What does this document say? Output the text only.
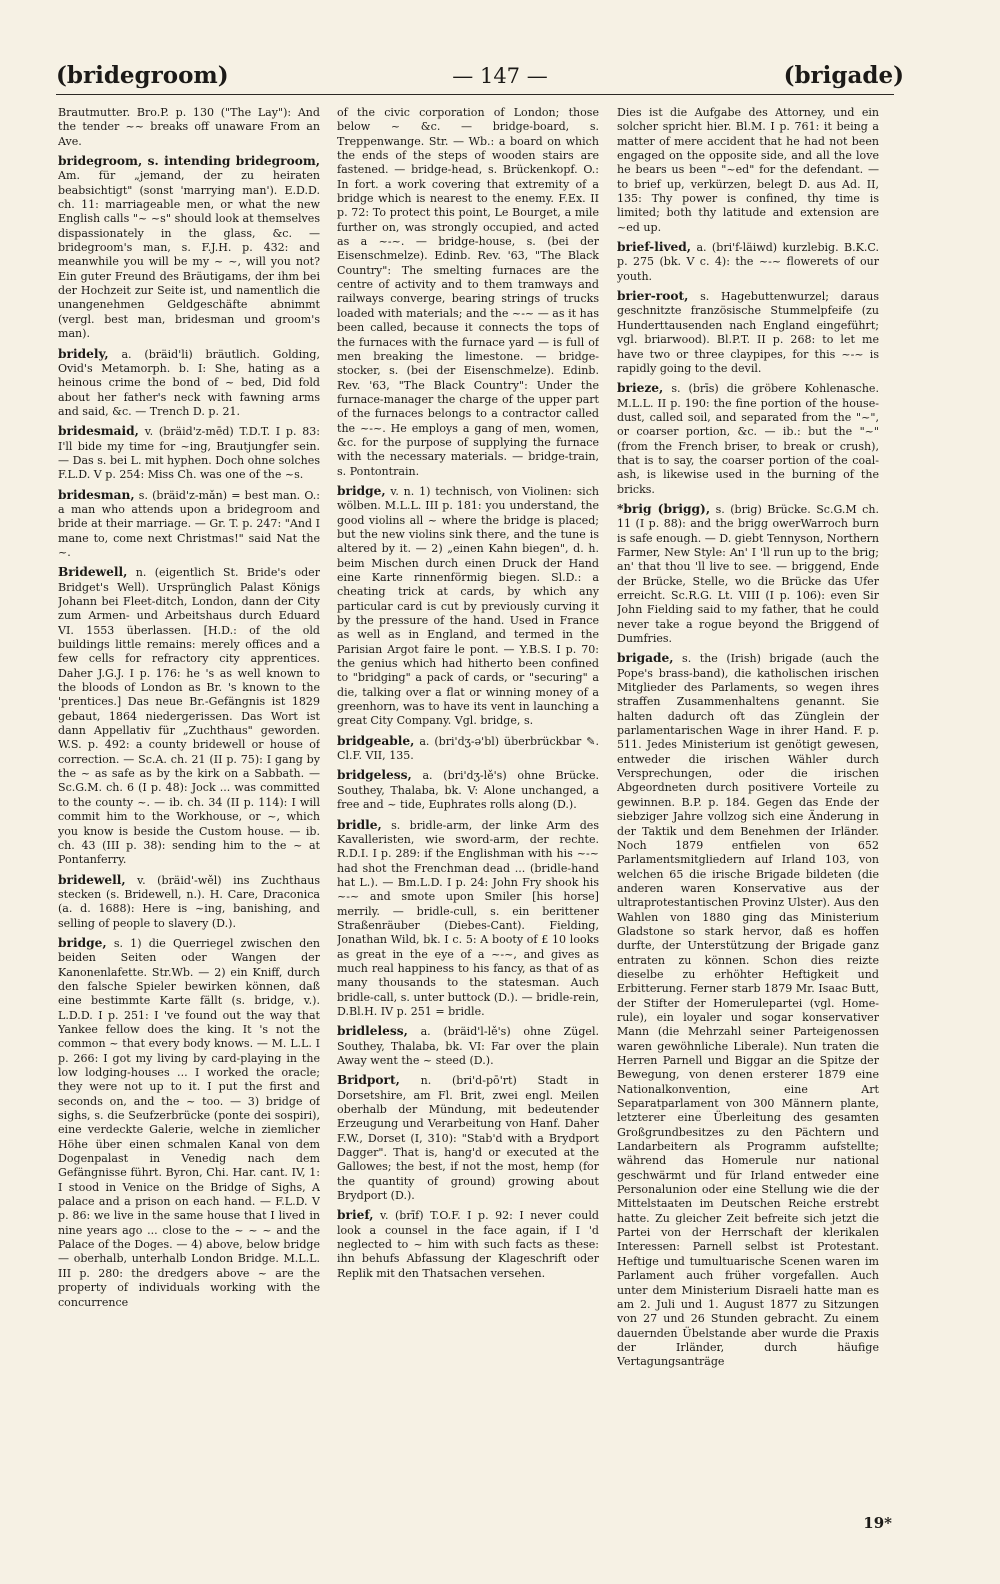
(bridegroom)	— 147 —	(brigade)

Brautmutter. Bro.P. p. 130 ("The Lay"): And the tender ~~ breaks off unaware From an Ave.

bridegroom, s. intending bridegroom, Am. für „jemand, der zu heiraten beabsichtigt" (sonst 'marrying man'). E.D.D. ch. 11: marriageable men, or what the new English calls "~ ~s" should look at themselves dispassionately in the glass, &c. — bridegroom's man, s. F.J.H. p. 432: and meanwhile you will be my ~ ~, will you not? Ein guter Freund des Bräutigams, der ihm bei der Hochzeit zur Seite ist, und namentlich die unangenehmen Geldgeschäfte abnimmt (vergl. best man, bridesman und groom's man).

bridely, a. (bräid'li) bräutlich. Golding, Ovid's Metamorph. b. I: She, hating as a heinous crime the bond of ~ bed, Did fold about her father's neck with fawning arms and said, &c. — Trench D. p. 21.

bridesmaid, v. (bräid'z-mēd) T.D.T. I p. 83: I'll bide my time for ~ing, Brautjungfer sein. — Das s. bei L. mit hyphen. Doch ohne solches F.L.D. V p. 254: Miss Ch. was one of the ~s.

bridesman, s. (bräid'z-mǎn) = best man. O.: a man who attends upon a bridegroom and bride at their marriage. — Gr. T. p. 247: "And I mane to, come next Christmas!" said Nat the ~.

Bridewell, n. (eigentlich St. Bride's oder Bridget's Well). Ursprünglich Palast Königs Johann bei Fleet-ditch, London, dann der City zum Armen- und Arbeitshaus durch Eduard VI. 1553 überlassen. [H.D.: of the old buildings little remains: merely offices and a few cells for refractory city apprentices. Daher J.G.J. I p. 176: he 's as well known to the bloods of London as Br. 's known to the 'prentices.] Das neue Br.-Gefängnis ist 1829 gebaut, 1864 niedergerissen. Das Wort ist dann Appellativ für „Zuchthaus" geworden. W.S. p. 492: a county bridewell or house of correction. — Sc.A. ch. 21 (II p. 75): I gang by the ~ as safe as by the kirk on a Sabbath. — Sc.G.M. ch. 6 (I p. 48): Jock ... was committed to the county ~. — ib. ch. 34 (II p. 114): I will commit him to the Workhouse, or ~, which you know is beside the Custom house. — ib. ch. 43 (III p. 38): sending him to the ~ at Pontanferry.

bridewell, v. (bräid'-wěl) ins Zuchthaus stecken (s. Bridewell, n.). H. Care, Draconica (a. d. 1688): Here is ~ing, banishing, and selling of people to slavery (D.).

bridge, s. 1) die Querriegel zwischen den beiden Seiten oder Wangen der Kanonenlafette. Str.Wb. — 2) ein Kniff, durch den falsche Spieler bewirken können, daß eine bestimmte Karte fällt (s. bridge, v.). L.D.D. I p. 251: I 've found out the way that Yankee fellow does the king. It 's not the common ~ that every body knows. — M. L.L. I p. 266: I got my living by card-playing in the low lodging-houses ... I worked the oracle; they were not up to it. I put the first and seconds on, and the ~ too. — 3) bridge of sighs, s. die Seufzerbrücke (ponte dei sospiri), eine verdeckte Galerie, welche in ziemlicher Höhe über einen schmalen Kanal von dem Dogenpalast in Venedig nach dem Gefängnisse führt. Byron, Chi. Har. cant. IV, 1: I stood in Venice on the Bridge of Sighs, A palace and a prison on each hand. — F.L.D. V p. 86: we live in the same house that I lived in nine years ago ... close to the ~ ~ ~ and the Palace of the Doges. — 4) above, below bridge — oberhalb, unterhalb London Bridge. M.L.L. III p. 280: the dredgers above ~ are the property of individuals working with the concurrence

of the civic corporation of London; those below ~ &c. — bridge-board, s. Treppenwange. Str. — Wb.: a board on which the ends of the steps of wooden stairs are fastened. — bridge-head, s. Brückenkopf. O.: In fort. a work covering that extremity of a bridge which is nearest to the enemy. F.Ex. II p. 72: To protect this point, Le Bourget, a mile further on, was strongly occupied, and acted as a ~-~. — bridge-house, s. (bei der Eisenschmelze). Edinb. Rev. '63, "The Black Country": The smelting furnaces are the centre of activity and to them tramways and railways converge, bearing strings of trucks loaded with materials; and the ~-~ — as it has been called, because it connects the tops of the furnaces with the furnace yard — is full of men breaking the limestone. — bridge-stocker, s. (bei der Eisenschmelze). Edinb. Rev. '63, "The Black Country": Under the furnace-manager the charge of the upper part of the furnaces belongs to a contractor called the ~-~. He employs a gang of men, women, &c. for the purpose of supplying the furnace with the necessary materials. — bridge-train, s. Pontontrain.

bridge, v. n. 1) technisch, von Violinen: sich wölben. M.L.L. III p. 181: you understand, the good violins all ~ where the bridge is placed; but the new violins sink there, and the tune is altered by it. — 2) „einen Kahn biegen", d. h. beim Mischen durch einen Druck der Hand eine Karte rinnenförmig biegen. Sl.D.: a cheating trick at cards, by which any particular card is cut by previously curving it by the pressure of the hand. Used in France as well as in England, and termed in the Parisian Argot faire le pont. — Y.B.S. I p. 70: the genius which had hitherto been confined to "bridging" a pack of cards, or "securing" a die, talking over a flat or winning money of a greenhorn, was to have its vent in launching a great City Company. Vgl. bridge, s.

bridgeable, a. (bri'dʒ-ǝ'bl) überbrückbar ✎. Cl.F. VII, 135.

bridgeless, a. (bri'dʒ-lě's) ohne Brücke. Southey, Thalaba, bk. V: Alone unchanged, a free and ~ tide, Euphrates rolls along (D.).

bridle, s. bridle-arm, der linke Arm des Kavalleristen, wie sword-arm, der rechte. R.D.I. I p. 289: if the Englishman with his ~-~ had shot the Frenchman dead ... (bridle-hand hat L.). — Bm.L.D. I p. 24: John Fry shook his ~-~ and smote upon Smiler [his horse] merrily. — bridle-cull, s. ein berittener Straßenräuber (Diebes-Cant). Fielding, Jonathan Wild, bk. I c. 5: A booty of £ 10 looks as great in the eye of a ~-~, and gives as much real happiness to his fancy, as that of as many thousands to the statesman. Auch bridle-call, s. unter buttock (D.). — bridle-rein, D.Bl.H. IV p. 251 = bridle.

bridleless, a. (bräid'l-lě's) ohne Zügel. Southey, Thalaba, bk. VI: Far over the plain Away went the ~ steed (D.).

Bridport, n. (bri'd-pō'rt) Stadt in Dorsetshire, am Fl. Brit, zwei engl. Meilen oberhalb der Mündung, mit bedeutender Erzeugung und Verarbeitung von Hanf. Daher F.W., Dorset (I, 310): "Stab'd with a Brydport Dagger". That is, hang'd or executed at the Gallowes; the best, if not the most, hemp (for the quantity of ground) growing about Brydport (D.).

brief, v. (brīf) T.O.F. I p. 92: I never could look a counsel in the face again, if I 'd neglected to ~ him with such facts as these: ihn behufs Abfassung der Klageschrift oder Replik mit den Thatsachen versehen.

Dies ist die Aufgabe des Attorney, und ein solcher spricht hier. Bl.M. I p. 761: it being a matter of mere accident that he had not been engaged on the opposite side, and all the love he bears us been "~ed" for the defendant. — to brief up, verkürzen, belegt D. aus Ad. II, 135: Thy power is confined, thy time is limited; both thy latitude and extension are ~ed up.

brief-lived, a. (bri'f-läiwd) kurzlebig. B.K.C. p. 275 (bk. V c. 4): the ~-~ flowerets of our youth.

brier-root, s. Hagebuttenwurzel; daraus geschnitzte französische Stummelpfeife (zu Hunderttausenden nach England eingeführt; vgl. briarwood). Bl.P.T. II p. 268: to let me have two or three claypipes, for this ~-~ is rapidly going to the devil.

brieze, s. (brīs) die gröbere Kohlenasche. M.L.L. II p. 190: the fine portion of the house-dust, called soil, and separated from the "~", or coarser portion, &c. — ib.: but the "~" (from the French briser, to break or crush), that is to say, the coarser portion of the coal-ash, is likewise used in the burning of the bricks.

*brig (brigg), s. (brig) Brücke. Sc.G.M ch. 11 (I p. 88): and the brigg owerWarroch burn is safe enough. — D. giebt Tennyson, Northern Farmer, New Style: An' I 'll run up to the brig; an' that thou 'll live to see. — briggend, Ende der Brücke, Stelle, wo die Brücke das Ufer erreicht. Sc.R.G. Lt. VIII (I p. 106): even Sir John Fielding said to my father, that he could never take a rogue beyond the Briggend of Dumfries.

brigade, s. the (Irish) brigade (auch the Pope's brass-band), die katholischen irischen Mitglieder des Parlaments, so wegen ihres straffen Zusammenhaltens genannt. Sie halten dadurch oft das Zünglein der parlamentarischen Wage in ihrer Hand. F. p. 511. Jedes Ministerium ist genötigt gewesen, entweder die irischen Wähler durch Versprechungen, oder die irischen Abgeordneten durch positivere Vorteile zu gewinnen. B.P. p. 184. Gegen das Ende der siebziger Jahre vollzog sich eine Änderung in der Taktik und dem Benehmen der Irländer. Noch 1879 entfielen von 652 Parlamentsmitgliedern auf Irland 103, von welchen 65 die irische Brigade bildeten (die anderen waren Konservative aus der ultraprotestantischen Provinz Ulster). Aus den Wahlen von 1880 ging das Ministerium Gladstone so stark hervor, daß es hoffen durfte, der Unterstützung der Brigade ganz entraten zu können. Schon dies reizte dieselbe zu erhöhter Heftigkeit und Erbitterung. Ferner starb 1879 Mr. Isaac Butt, der Stifter der Homerulepartei (vgl. Home-rule), ein loyaler und sogar konservativer Mann (die Mehrzahl seiner Parteigenossen waren gewöhnliche Liberale). Nun traten die Herren Parnell und Biggar an die Spitze der Bewegung, von denen ersterer 1879 eine Nationalkonvention, eine Art Separatparlament von 300 Männern plante, letzterer eine Überleitung des gesamten Großgrundbesitzes zu den Pächtern und Landarbeitern als Programm aufstellte; während das Homerule nur national geschwärmt und für Irland entweder eine Personalunion oder eine Stellung wie die der Mittelstaaten im Deutschen Reiche erstrebt hatte. Zu gleicher Zeit befreite sich jetzt die Partei von der Herrschaft der klerikalen Interessen: Parnell selbst ist Protestant. Heftige und tumultuarische Scenen waren im Parlament auch früher vorgefallen. Auch unter dem Ministerium Disraeli hatte man es am 2. Juli und 1. August 1877 zu Sitzungen von 27 und 26 Stunden gebracht. Zu einem dauernden Übelstande aber wurde die Praxis der Irländer, durch häufige Vertagungsanträge

19*
